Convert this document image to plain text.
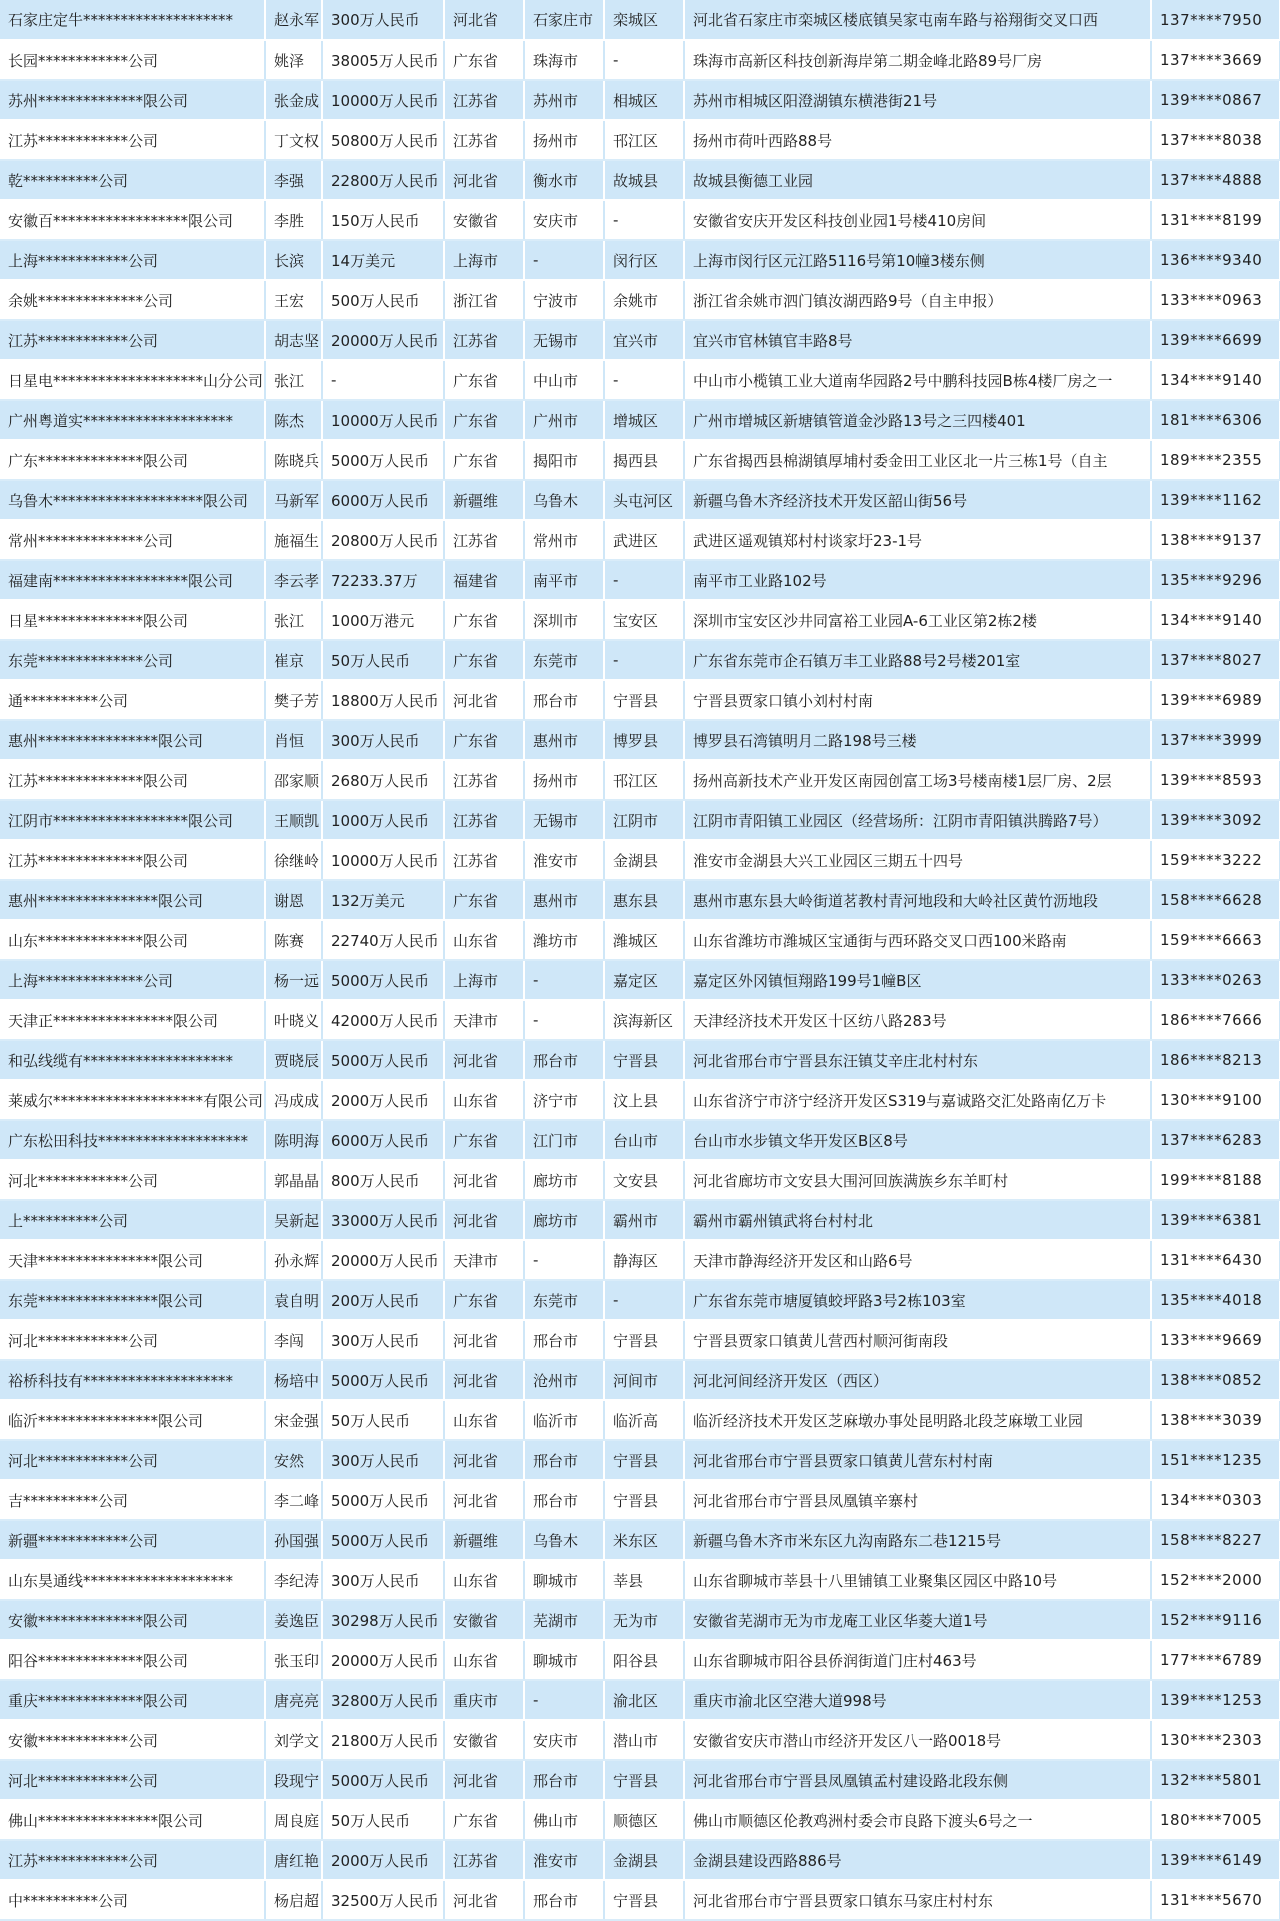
石家庄定牛********************	赵永军	300万人民币	河北省	石家庄市	栾城区	河北省石家庄市栾城区楼底镇吴家屯南车路与裕翔街交叉口西	137****7950
长园************公司	姚泽	38005万人民币	广东省	珠海市	-	珠海市高新区科技创新海岸第二期金峰北路89号厂房	137****3669
苏州**************限公司	张金成	10000万人民币	江苏省	苏州市	相城区	苏州市相城区阳澄湖镇东横港街21号	139****0867
江苏************公司	丁文权	50800万人民币	江苏省	扬州市	邗江区	扬州市荷叶西路88号	137****8038
乾**********公司	李强	22800万人民币	河北省	衡水市	故城县	故城县衡德工业园	137****4888
安徽百******************限公司	李胜	150万人民币	安徽省	安庆市	-	安徽省安庆开发区科技创业园1号楼410房间	131****8199
上海************公司	长滨	14万美元	上海市	-	闵行区	上海市闵行区元江路5116号第10幢3楼东侧	136****9340
余姚**************公司	王宏	500万人民币	浙江省	宁波市	余姚市	浙江省余姚市泗门镇汝湖西路9号（自主申报）	133****0963
江苏************公司	胡志坚	20000万人民币	江苏省	无锡市	宜兴市	宜兴市官林镇官丰路8号	139****6699
日星电********************山分公司	张江	-	广东省	中山市	-	中山市小榄镇工业大道南华园路2号中鹏科技园B栋4楼厂房之一	134****9140
广州粤道实********************	陈杰	10000万人民币	广东省	广州市	增城区	广州市增城区新塘镇管道金沙路13号之三四楼401	181****6306
广东**************限公司	陈晓兵	5000万人民币	广东省	揭阳市	揭西县	广东省揭西县棉湖镇厚埔村委金田工业区北一片三栋1号（自主	189****2355
乌鲁木********************限公司	马新军	6000万人民币	新疆维	乌鲁木	头屯河区	新疆乌鲁木齐经济技术开发区韶山街56号	139****1162
常州**************公司	施福生	20800万人民币	江苏省	常州市	武进区	武进区遥观镇郑村村谈家圩23-1号	138****9137
福建南******************限公司	李云孝	72233.37万	福建省	南平市	-	南平市工业路102号	135****9296
日星**************限公司	张江	1000万港元	广东省	深圳市	宝安区	深圳市宝安区沙井同富裕工业园A-6工业区第2栋2楼	134****9140
东莞**************公司	崔京	50万人民币	广东省	东莞市	-	广东省东莞市企石镇万丰工业路88号2号楼201室	137****8027
通**********公司	樊子芳	18800万人民币	河北省	邢台市	宁晋县	宁晋县贾家口镇小刘村村南	139****6989
惠州****************限公司	肖恒	300万人民币	广东省	惠州市	博罗县	博罗县石湾镇明月二路198号三楼	137****3999
江苏**************限公司	邵家顺	2680万人民币	江苏省	扬州市	邗江区	扬州高新技术产业开发区南园创富工场3号楼南楼1层厂房、2层	139****8593
江阴市******************限公司	王顺凯	1000万人民币	江苏省	无锡市	江阴市	江阴市青阳镇工业园区（经营场所：江阴市青阳镇洪腾路7号）	139****3092
江苏**************限公司	徐继岭	10000万人民币	江苏省	淮安市	金湖县	淮安市金湖县大兴工业园区三期五十四号	159****3222
惠州****************限公司	谢恩	132万美元	广东省	惠州市	惠东县	惠州市惠东县大岭街道茗教村青河地段和大岭社区黄竹沥地段	158****6628
山东**************限公司	陈赛	22740万人民币	山东省	潍坊市	潍城区	山东省潍坊市潍城区宝通街与西环路交叉口西100米路南	159****6663
上海**************公司	杨一远	5000万人民币	上海市	-	嘉定区	嘉定区外冈镇恒翔路199号1幢B区	133****0263
天津正****************限公司	叶晓义	42000万人民币	天津市	-	滨海新区	天津经济技术开发区十区纺八路283号	186****7666
和弘线缆有********************	贾晓辰	5000万人民币	河北省	邢台市	宁晋县	河北省邢台市宁晋县东汪镇艾辛庄北村村东	186****8213
莱威尔********************有限公司	冯成成	2000万人民币	山东省	济宁市	汶上县	山东省济宁市济宁经济开发区S319与嘉诚路交汇处路南亿万卡	130****9100
广东松田科技********************	陈明海	6000万人民币	广东省	江门市	台山市	台山市水步镇文华开发区B区8号	137****6283
河北************公司	郭晶晶	800万人民币	河北省	廊坊市	文安县	河北省廊坊市文安县大围河回族满族乡东羊町村	199****8188
上**********公司	吴新起	33000万人民币	河北省	廊坊市	霸州市	霸州市霸州镇武将台村村北	139****6381
天津****************限公司	孙永辉	20000万人民币	天津市	-	静海区	天津市静海经济开发区和山路6号	131****6430
东莞****************限公司	袁自明	200万人民币	广东省	东莞市	-	广东省东莞市塘厦镇蛟坪路3号2栋103室	135****4018
河北************公司	李闯	300万人民币	河北省	邢台市	宁晋县	宁晋县贾家口镇黄儿营西村顺河街南段	133****9669
裕桥科技有********************	杨培中	5000万人民币	河北省	沧州市	河间市	河北河间经济开发区（西区）	138****0852
临沂****************限公司	宋金强	50万人民币	山东省	临沂市	临沂高	临沂经济技术开发区芝麻墩办事处昆明路北段芝麻墩工业园	138****3039
河北************公司	安然	300万人民币	河北省	邢台市	宁晋县	河北省邢台市宁晋县贾家口镇黄儿营东村村南	151****1235
吉**********公司	李二峰	5000万人民币	河北省	邢台市	宁晋县	河北省邢台市宁晋县凤凰镇辛寨村	134****0303
新疆************公司	孙国强	5000万人民币	新疆维	乌鲁木	米东区	新疆乌鲁木齐市米东区九沟南路东二巷1215号	158****8227
山东昊通线********************	李纪涛	300万人民币	山东省	聊城市	莘县	山东省聊城市莘县十八里铺镇工业聚集区园区中路10号	152****2000
安徽**************限公司	姜逸臣	30298万人民币	安徽省	芜湖市	无为市	安徽省芜湖市无为市龙庵工业区华菱大道1号	152****9116
阳谷**************限公司	张玉印	20000万人民币	山东省	聊城市	阳谷县	山东省聊城市阳谷县侨润街道门庄村463号	177****6789
重庆**************限公司	唐亮亮	32800万人民币	重庆市	-	渝北区	重庆市渝北区空港大道998号	139****1253
安徽************公司	刘学文	21800万人民币	安徽省	安庆市	潜山市	安徽省安庆市潜山市经济开发区八一路0018号	130****2303
河北************公司	段现宁	5000万人民币	河北省	邢台市	宁晋县	河北省邢台市宁晋县凤凰镇孟村建设路北段东侧	132****5801
佛山****************限公司	周良庭	50万人民币	广东省	佛山市	顺德区	佛山市顺德区伦教鸡洲村委会市良路下渡头6号之一	180****7005
江苏************公司	唐红艳	2000万人民币	江苏省	淮安市	金湖县	金湖县建设西路886号	139****6149
中**********公司	杨启超	32500万人民币	河北省	邢台市	宁晋县	河北省邢台市宁晋县贾家口镇东马家庄村村东	131****5670
